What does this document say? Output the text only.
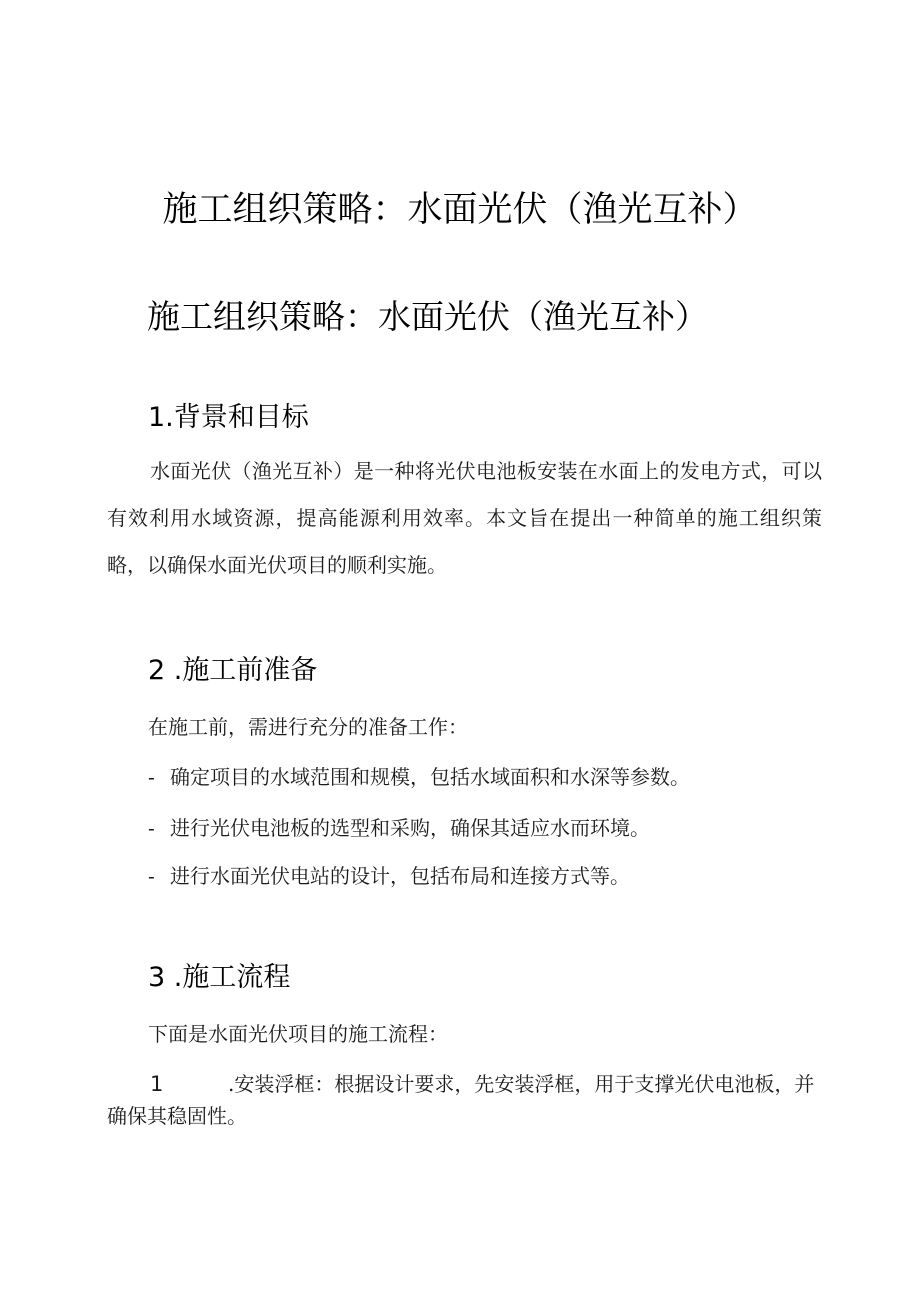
施工组织策略：水面光伏（渔光互补）
施工组织策略：水面光伏（渔光互补）
1.背景和目标
水面光伏（渔光互补）是一种将光伏电池板安装在水面上的发电方式，可以有效利用水域资源，提高能源利用效率。本文旨在提出一种简单的施工组织策略，以确保水面光伏项目的顺利实施。
2 .施工前准备
在施工前，需进行充分的准备工作：
- 确定项目的水域范围和规模，包括水域面积和水深等参数。
- 进行光伏电池板的选型和采购，确保其适应水而环境。
- 进行水面光伏电站的设计，包括布局和连接方式等。
3 .施工流程
下面是水面光伏项目的施工流程：
1	.安装浮框：根据设计要求，先安装浮框，用于支撑光伏电池板，并确保其稳固性。
